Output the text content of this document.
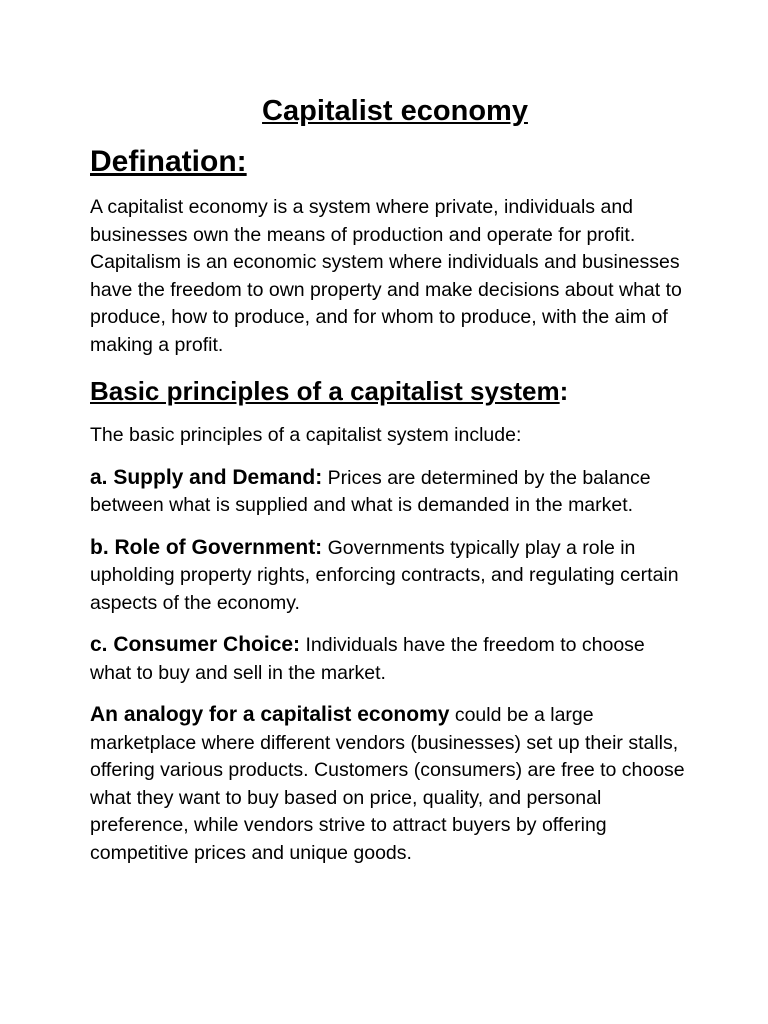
Capitalist economy
Defination:

A capitalist economy is a system where private, individuals and businesses own the means of production and operate for profit. Capitalism is an economic system where individuals and businesses have the freedom to own property and make decisions about what to produce, how to produce, and for whom to produce, with the aim of making a profit.

Basic principles of a capitalist system:

The basic principles of a capitalist system include:

a. Supply and Demand: Prices are determined by the balance between what is supplied and what is demanded in the market.

b. Role of Government: Governments typically play a role in upholding property rights, enforcing contracts, and regulating certain aspects of the economy.

c. Consumer Choice: Individuals have the freedom to choose what to buy and sell in the market.

An analogy for a capitalist economy could be a large marketplace where different vendors (businesses) set up their stalls, offering various products. Customers (consumers) are free to choose what they want to buy based on price, quality, and personal preference, while vendors strive to attract buyers by offering competitive prices and unique goods.
